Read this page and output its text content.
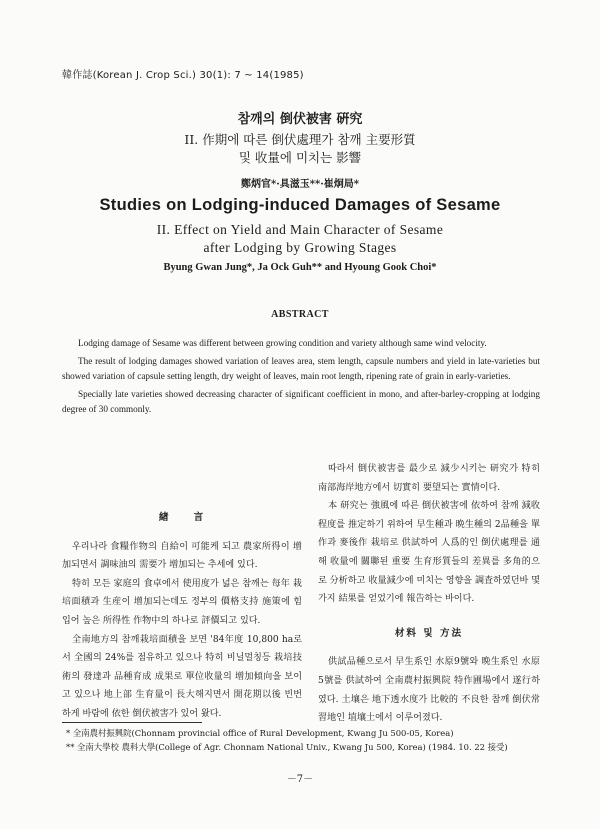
韓作誌(Korean J. Crop Sci.) 30(1): 7 ~ 14(1985)
참깨의 倒伏被害 硏究
II. 作期에 따른 倒伏處理가 참깨 主要形質
및 收量에 미치는 影響
鄭炳官*·具滋玉**·崔炯局*
Studies on Lodging-induced Damages of Sesame
II. Effect on Yield and Main Character of Sesame
after Lodging by Growing Stages
Byung Gwan Jung*, Ja Ock Guh** and Hyoung Gook Choi*
ABSTRACT

Lodging damage of Sesame was different between growing condition and variety although same wind velocity.

The result of lodging damages showed variation of leaves area, stem length, capsule numbers and yield in late-varieties but showed variation of capsule setting length, dry weight of leaves, main root length, ripening rate of grain in early-varieties.

Specially late varieties showed decreasing character of significant coefficient in mono, and after-barley-cropping at lodging degree of 30 commonly.

緖　　言

우리나라 食糧作物의 自給이 可能케 되고 農家所得이 增加되면서 調味油의 需要가 增加되는 추세에 있다.

特히 모든 家庭의 食卓에서 使用度가 넓은 참깨는 每年 栽培面積과 生産이 增加되는데도 정부의 價格支持 施策에 힘입어 높은 所得性 作物中의 하나로 評價되고 있다.

全南地方의 참깨栽培面積을 보면 '84年度 10,800 ha로서 全國의 24%를 점유하고 있으나 特히 비닐멀칭등 栽培技術의 發達과 品種育成 成果로 單位收量의 增加傾向을 보이고 있으나 地上部 生育量이 長大해지면서 開花期以後 빈번하게 바람에 依한 倒伏被害가 있어 왔다.

따라서 倒伏被害를 最少로 減少시키는 研究가 特히 南部海岸地方에서 切實히 要望되는 實情이다.

本 研究는 強風에 따른 倒伏被害에 依하여 참깨 減收程度를 推定하기 위하여 早生種과 晩生種의 2品種을 單作과 麥後作 栽培로 供試하여 人爲的인 倒伏處理를 通해 收量에 關聯된 重要 生育形質들의 差異를 多角的으로 分析하고 收量減少에 미치는 영향을 調査하였던바 몇가지 結果를 얻었기에 報告하는 바이다.

材料 및 方法

供試品種으로서 早生系인 水原9號와 晩生系인 水原5號를 供試하여 全南農村振興院 特作圃場에서 遂行하였다. 土壤은 地下透水度가 比較的 不良한 참깨 倒伏常習地인 埴壤土에서 이루어졌다.

* 全南農村振興院(Chonnam provincial office of Rural Development, Kwang Ju 500-05, Korea)
** 全南大學校 農科大學(College of Agr. Chonnam National Univ., Kwang Ju 500, Korea) (1984. 10. 22 接受)
－7－
